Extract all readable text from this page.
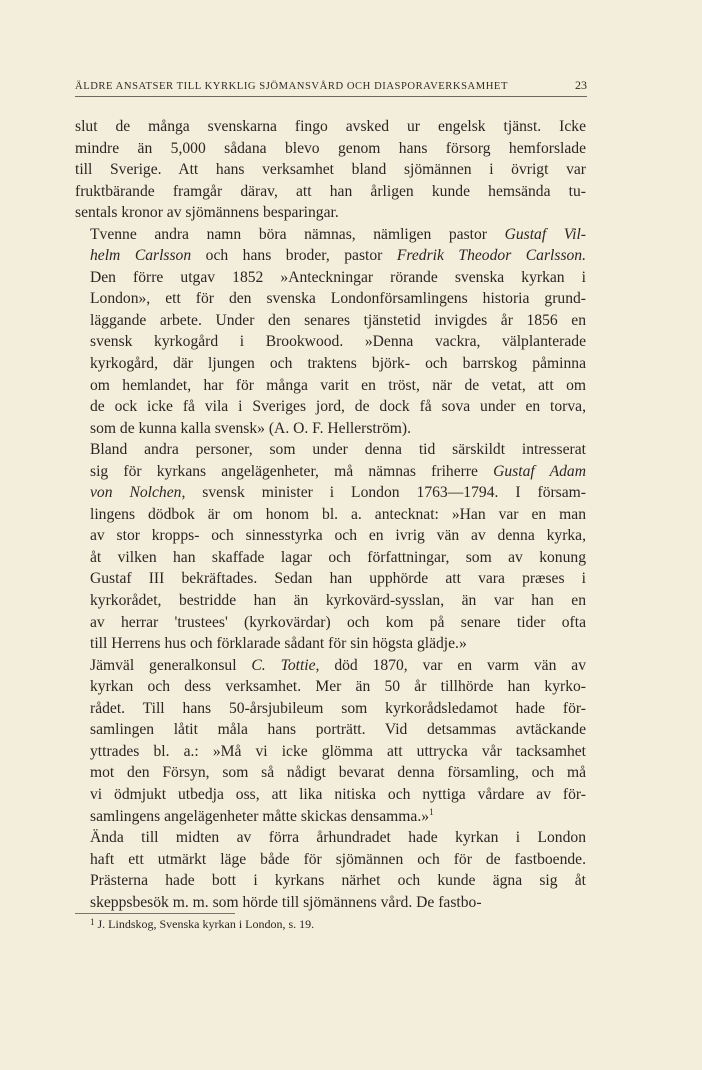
ÄLDRE ANSATSER TILL KYRKLIG SJÖMANSVÅRD OCH DIASPORAVERKSAMHET	23

slut de många svenskarna fingo avsked ur engelsk tjänst. Icke
mindre än 5,000 sådana blevo genom hans försorg hemforslade
till Sverige. Att hans verksamhet bland sjömännen i övrigt var
fruktbärande framgår därav, att han årligen kunde hemsända tu-
sentals kronor av sjömännens besparingar.

Tvenne andra namn böra nämnas, nämligen pastor Gustaf Vil-
helm Carlsson och hans broder, pastor Fredrik Theodor Carlsson.
Den förre utgav 1852 »Anteckningar rörande svenska kyrkan i
London», ett för den svenska Londonförsamlingens historia grund-
läggande arbete. Under den senares tjänstetid invigdes år 1856 en
svensk kyrkogård i Brookwood. »Denna vackra, välplanterade
kyrkogård, där ljungen och traktens björk- och barrskog påminna
om hemlandet, har för många varit en tröst, när de vetat, att om
de ock icke få vila i Sveriges jord, de dock få sova under en torva,
som de kunna kalla svensk» (A. O. F. Hellerström).

Bland andra personer, som under denna tid särskildt intresserat
sig för kyrkans angelägenheter, må nämnas friherre Gustaf Adam
von Nolchen, svensk minister i London 1763—1794. I försam-
lingens dödbok är om honom bl. a. antecknat: »Han var en man
av stor kropps- och sinnesstyrka och en ivrig vän av denna kyrka,
åt vilken han skaffade lagar och författningar, som av konung
Gustaf III bekräftades. Sedan han upphörde att vara præses i
kyrkorådet, bestridde han än kyrkovärd-sysslan, än var han en
av herrar 'trustees' (kyrkovärdar) och kom på senare tider ofta
till Herrens hus och förklarade sådant för sin högsta glädje.»

Jämväl generalkonsul C. Tottie, död 1870, var en varm vän av
kyrkan och dess verksamhet. Mer än 50 år tillhörde han kyrko-
rådet. Till hans 50-årsjubileum som kyrkorådsledamot hade för-
samlingen låtit måla hans porträtt. Vid detsammas avtäckande
yttrades bl. a.: »Må vi icke glömma att uttrycka vår tacksamhet
mot den Försyn, som så nådigt bevarat denna församling, och må
vi ödmjukt utbedja oss, att lika nitiska och nyttiga vårdare av för-
samlingens angelägenheter måtte skickas densamma.»$^1$

Ända till midten av förra århundradet hade kyrkan i London
haft ett utmärkt läge både för sjömännen och för de fastboende.
Prästerna hade bott i kyrkans närhet och kunde ägna sig åt
skeppsbesök m. m. som hörde till sjömännens vård. De fastbo-

$^1$ J. Lindskog, Svenska kyrkan i London, s. 19.
